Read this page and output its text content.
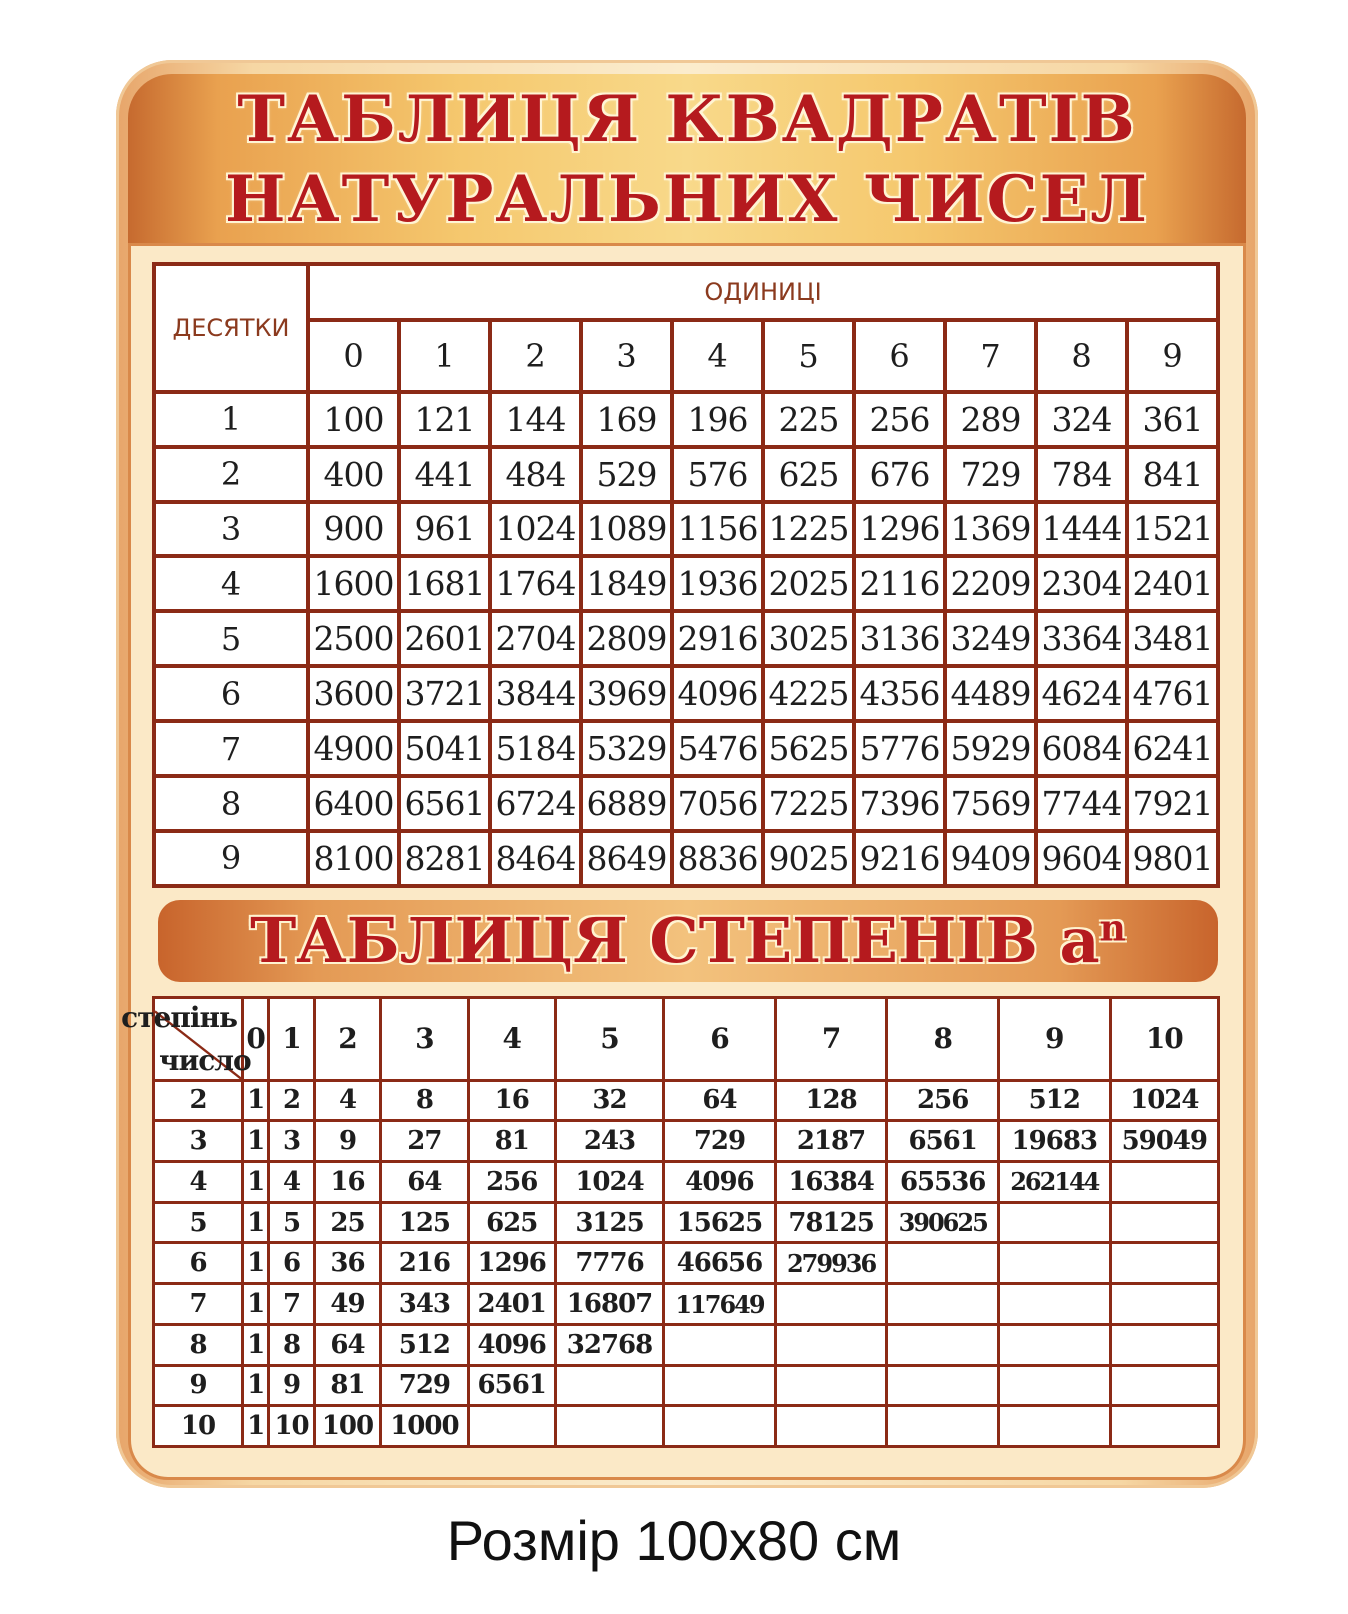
ТАБЛИЦЯ КВАДРАТІВ
НАТУРАЛЬНИХ ЧИСЕЛ
ДЕСЯТКИ	ОДИНИЦІ									
	0	1	2	3	4	5	6	7	8	9
1	100	121	144	169	196	225	256	289	324	361
2	400	441	484	529	576	625	676	729	784	841
3	900	961	1024	1089	1156	1225	1296	1369	1444	1521
4	1600	1681	1764	1849	1936	2025	2116	2209	2304	2401
5	2500	2601	2704	2809	2916	3025	3136	3249	3364	3481
6	3600	3721	3844	3969	4096	4225	4356	4489	4624	4761
7	4900	5041	5184	5329	5476	5625	5776	5929	6084	6241
8	6400	6561	6724	6889	7056	7225	7396	7569	7744	7921
9	8100	8281	8464	8649	8836	9025	9216	9409	9604	9801
ТАБЛИЦЯ СТЕПЕНІВ $a^n$
степінь
число	0	1	2	3	4	5	6	7	8	9	10
2	1	2	4	8	16	32	64	128	256	512	1024
3	1	3	9	27	81	243	729	2187	6561	19683	59049
4	1	4	16	64	256	1024	4096	16384	65536	262144	
5	1	5	25	125	625	3125	15625	78125	390625		
6	1	6	36	216	1296	7776	46656	279936			
7	1	7	49	343	2401	16807	117649				
8	1	8	64	512	4096	32768					
9	1	9	81	729	6561						
10	1	10	100	1000							
Розмір 100x80 см
